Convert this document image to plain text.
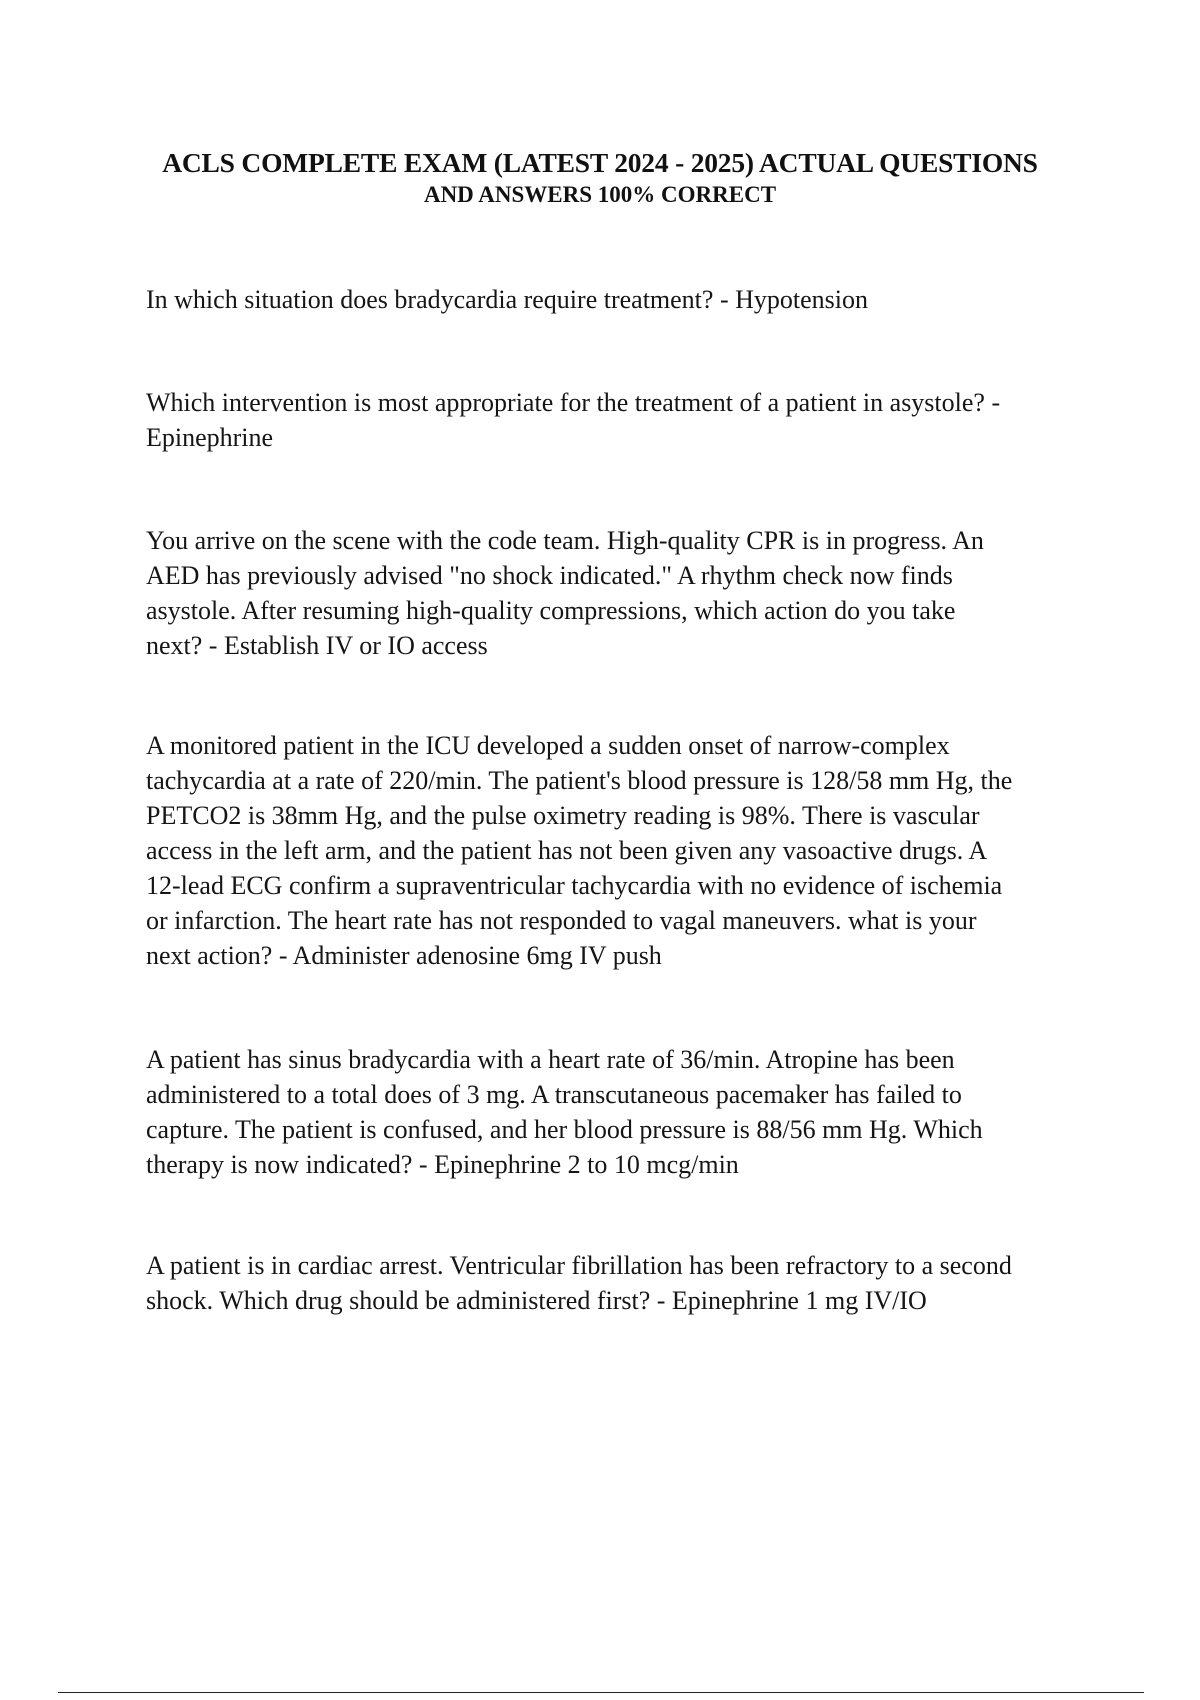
ACLS COMPLETE EXAM (LATEST 2024 - 2025) ACTUAL QUESTIONS
AND ANSWERS 100% CORRECT
In which situation does bradycardia require treatment? - Hypotension
Which intervention is most appropriate for the treatment of a patient in asystole? -
Epinephrine
You arrive on the scene with the code team. High-quality CPR is in progress. An
AED has previously advised "no shock indicated." A rhythm check now finds
asystole. After resuming high-quality compressions, which action do you take
next? - Establish IV or IO access
A monitored patient in the ICU developed a sudden onset of narrow-complex
tachycardia at a rate of 220/min. The patient's blood pressure is 128/58 mm Hg, the
PETCO2 is 38mm Hg, and the pulse oximetry reading is 98%. There is vascular
access in the left arm, and the patient has not been given any vasoactive drugs. A
12-lead ECG confirm a supraventricular tachycardia with no evidence of ischemia
or infarction. The heart rate has not responded to vagal maneuvers. what is your
next action? - Administer adenosine 6mg IV push
A patient has sinus bradycardia with a heart rate of 36/min. Atropine has been
administered to a total does of 3 mg. A transcutaneous pacemaker has failed to
capture. The patient is confused, and her blood pressure is 88/56 mm Hg. Which
therapy is now indicated? - Epinephrine 2 to 10 mcg/min
A patient is in cardiac arrest. Ventricular fibrillation has been refractory to a second
shock. Which drug should be administered first? - Epinephrine 1 mg IV/IO
